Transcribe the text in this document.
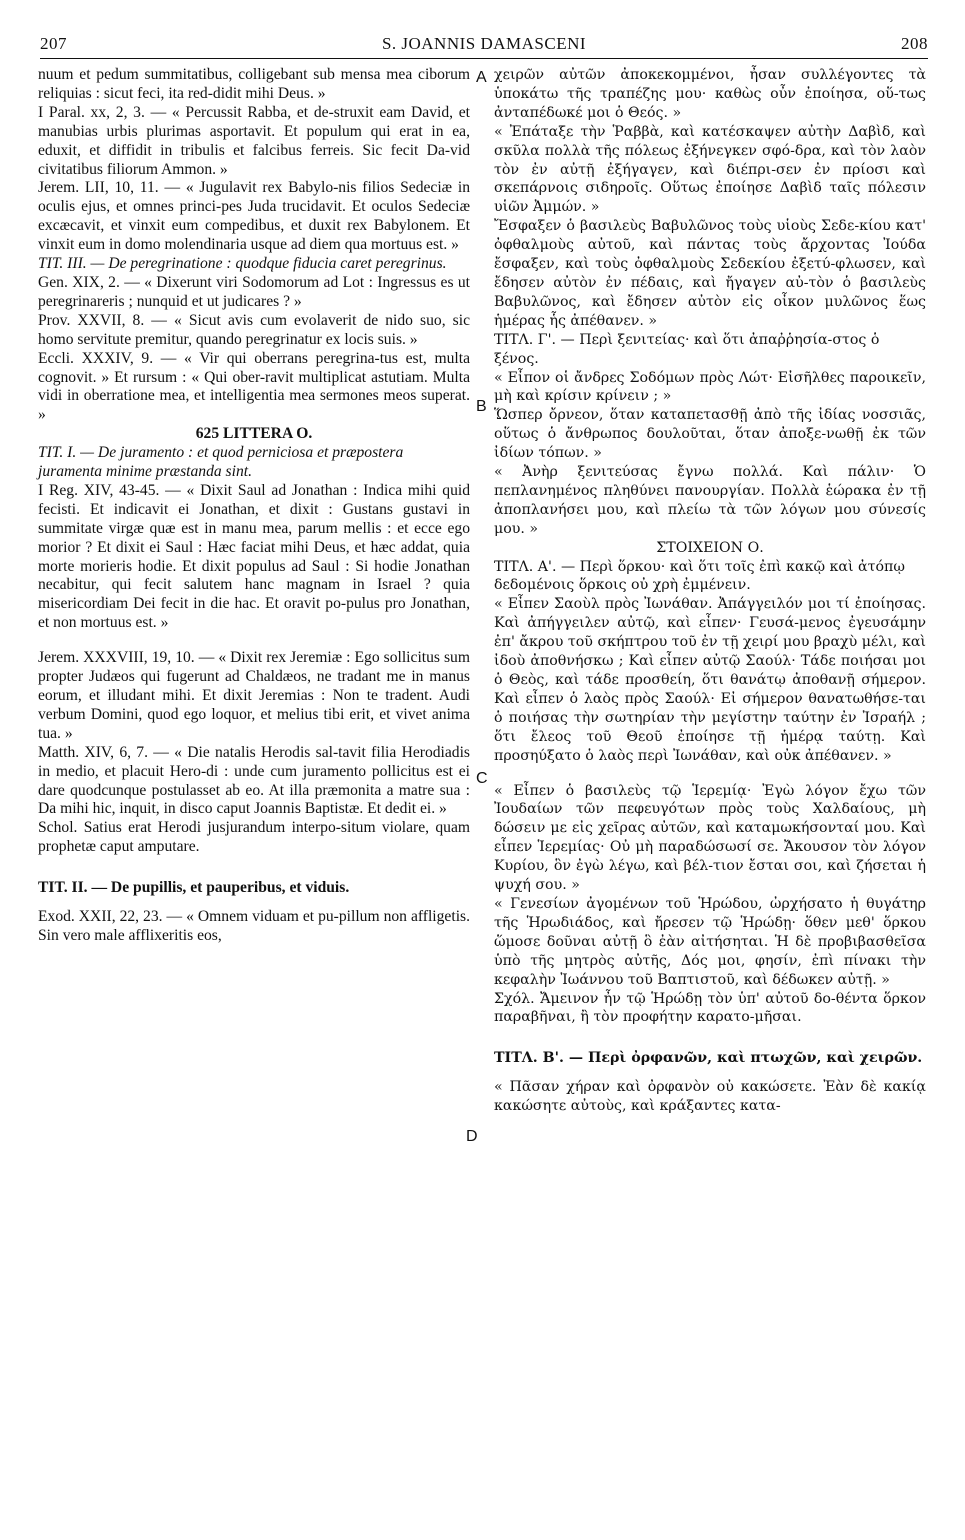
207	S. JOANNIS DAMASCENI	208
A
B
C
D

nuum et pedum summitatibus, colligebant sub mensa mea ciborum reliquias : sicut feci, ita red-didit mihi Deus. »

I Paral. xx, 2, 3. — « Percussit Rabba, et de-struxit eam David, et manubias urbis plurimas asportavit. Et populum qui erat in ea, eduxit, et diffidit in tribulis et falcibus ferreis. Sic fecit Da-vid civitatibus filiorum Ammon. »

Jerem. LII, 10, 11. — « Jugulavit rex Babylo-nis filios Sedeciæ in oculis ejus, et omnes princi-pes Juda trucidavit. Et oculos Sedeciæ excæcavit, et vinxit eum compedibus, et duxit rex Babylonem. Et vinxit eum in domo molendinaria usque ad diem qua mortuus est. »

TIT. III. — De peregrinatione : quodque fiducia caret peregrinus.

Gen. XIX, 2. — « Dixerunt viri Sodomorum ad Lot : Ingressus es ut peregrinareris ; nunquid et ut judicares ? »

Prov. XXVII, 8. — « Sicut avis cum evolaverit de nido suo, sic homo servitute premitur, quando peregrinatur ex locis suis. »

Eccli. XXXIV, 9. — « Vir qui oberrans peregrina-tus est, multa cognovit. » Et rursum : « Qui ober-ravit multiplicat astutiam. Multa vidi in oberratione mea, et intelligentia mea sermones meos superat. »

625 LITTERA O.

TIT. I. — De juramento : et quod perniciosa et præpostera juramenta minime præstanda sint.

I Reg. XIV, 43-45. — « Dixit Saul ad Jonathan : Indica mihi quid fecisti. Et indicavit ei Jonathan, et dixit : Gustans gustavi in summitate virgæ quæ est in manu mea, parum mellis : et ecce ego morior ? Et dixit ei Saul : Hæc faciat mihi Deus, et hæc addat, quia morte morieris hodie. Et dixit populus ad Saul : Si hodie Jonathan necabitur, qui fecit salutem hanc magnam in Israel ? quia misericordiam Dei fecit in die hac. Et oravit po-pulus pro Jonathan, et non mortuus est. »

Jerem. XXXVIII, 19, 10. — « Dixit rex Jeremiæ : Ego sollicitus sum propter Judæos qui fugerunt ad Chaldæos, ne tradant me in manus eorum, et illudant mihi. Et dixit Jeremias : Non te tradent. Audi verbum Domini, quod ego loquor, et melius tibi erit, et vivet anima tua. »

Matth. XIV, 6, 7. — « Die natalis Herodis sal-tavit filia Herodiadis in medio, et placuit Hero-di : unde cum juramento pollicitus est ei dare quodcunque postulasset ab eo. At illa præmonita a matre sua : Da mihi hic, inquit, in disco caput Joannis Baptistæ. Et dedit ei. »

Schol. Satius erat Herodi jusjurandum interpo-situm violare, quam prophetæ caput amputare.

TIT. II. — De pupillis, et pauperibus, et viduis.

Exod. XXII, 22, 23. — « Omnem viduam et pu-pillum non affligetis. Sin vero male afflixeritis eos,

χειρῶν αὐτῶν ἀποκεκομμένοι, ἦσαν συλλέγοντες τὰ ὑποκάτω τῆς τραπέζης μου· καθὼς οὖν ἐποίησα, οὕ-τως ἀνταπέδωκέ μοι ὁ Θεός. »

« Ἐπάταξε τὴν Ῥαββὰ, καὶ κατέσκαψεν αὐτὴν Δαβὶδ, καὶ σκῦλα πολλὰ τῆς πόλεως ἐξήνεγκεν σφό-δρα, καὶ τὸν λαὸν τὸν ἐν αὐτῇ ἐξήγαγεν, καὶ διέπρι-σεν ἐν πρίοσι καὶ σκεπάρνοις σιδηροῖς. Οὕτως ἐποίησε Δαβὶδ ταῖς πόλεσιν υἱῶν Ἀμμών. »

Ἔσφαξεν ὁ βασιλεὺς Βαβυλῶνος τοὺς υἱοὺς Σεδε-κίου κατ' ὀφθαλμοὺς αὐτοῦ, καὶ πάντας τοὺς ἄρχοντας Ἰούδα ἔσφαξεν, καὶ τοὺς ὀφθαλμοὺς Σεδεκίου ἐξετύ-φλωσεν, καὶ ἔδησεν αὐτὸν ἐν πέδαις, καὶ ἤγαγεν αὐ-τὸν ὁ βασιλεὺς Βαβυλῶνος, καὶ ἔδησεν αὐτὸν εἰς οἶκον μυλῶνος ἕως ἡμέρας ἧς ἀπέθανεν. »

ΤΙΤΛ. Γ'. — Περὶ ξενιτείας· καὶ ὅτι ἀπαῤῥησία-στος ὁ ξένος.

« Εἶπον οἱ ἄνδρες Σοδόμων πρὸς Λώτ· Εἰσῆλθες παροικεῖν, μὴ καὶ κρίσιν κρίνειν ; »

Ὥσπερ ὄρνεον, ὅταν καταπετασθῇ ἀπὸ τῆς ἰδίας νοσσιᾶς, οὕτως ὁ ἄνθρωπος δουλοῦται, ὅταν ἀποξε-νωθῇ ἐκ τῶν ἰδίων τόπων. »

« Ἀνὴρ ξενιτεύσας ἔγνω πολλά. Καὶ πάλιν· Ὁ πεπλανημένος πληθύνει πανουργίαν. Πολλὰ ἑώρακα ἐν τῇ ἀποπλανήσει μου, καὶ πλείω τὰ τῶν λόγων μου σύνεσίς μου. »

ΣΤΟΙΧΕΙΟΝ Ο.

ΤΙΤΛ. Α'. — Περὶ ὅρκου· καὶ ὅτι τοῖς ἐπὶ κακῷ καὶ ἀτόπῳ δεδομένοις ὅρκοις οὐ χρὴ ἐμμένειν.

« Εἶπεν Σαοὺλ πρὸς Ἰωνάθαν. Ἀπάγγειλόν μοι τί ἐποίησας. Καὶ ἀπήγγειλεν αὐτῷ, καὶ εἶπεν· Γευσά-μενος ἐγευσάμην ἐπ' ἄκρου τοῦ σκήπτρου τοῦ ἐν τῇ χειρί μου βραχὺ μέλι, καὶ ἰδοὺ ἀποθνήσκω ; Καὶ εἶπεν αὐτῷ Σαούλ· Τάδε ποιήσαι μοι ὁ Θεὸς, καὶ τάδε προσθείη, ὅτι θανάτῳ ἀποθανῇ σήμερον. Καὶ εἶπεν ὁ λαὸς πρὸς Σαούλ· Εἰ σήμερον θανατωθήσε-ται ὁ ποιήσας τὴν σωτηρίαν τὴν μεγίστην ταύτην ἐν Ἰσραήλ ; ὅτι ἔλεος τοῦ Θεοῦ ἐποίησε τῇ ἡμέρᾳ ταύτῃ. Καὶ προσηύξατο ὁ λαὸς περὶ Ἰωνάθαν, καὶ οὐκ ἀπέθανεν. »

« Εἶπεν ὁ βασιλεὺς τῷ Ἱερεμίᾳ· Ἐγὼ λόγον ἔχω τῶν Ἰουδαίων τῶν πεφευγότων πρὸς τοὺς Χαλδαίους, μὴ δώσειν με εἰς χεῖρας αὐτῶν, καὶ καταμωκήσονταί μου. Καὶ εἶπεν Ἱερεμίας· Οὐ μὴ παραδώσωσί σε. Ἄκουσον τὸν λόγον Κυρίου, ὃν ἐγὼ λέγω, καὶ βέλ-τιον ἔσται σοι, καὶ ζήσεται ἡ ψυχή σου. »

« Γενεσίων ἀγομένων τοῦ Ἡρώδου, ὠρχήσατο ἡ θυγάτηρ τῆς Ἡρωδιάδος, καὶ ἤρεσεν τῷ Ἡρώδῃ· ὅθεν μεθ' ὅρκου ὥμοσε δοῦναι αὐτῇ ὃ ἐὰν αἰτήσηται. Ἡ δὲ προβιβασθεῖσα ὑπὸ τῆς μητρὸς αὐτῆς, Δός μοι, φησίν, ἐπὶ πίνακι τὴν κεφαλὴν Ἰωάννου τοῦ Βαπτιστοῦ, καὶ δέδωκεν αὐτῇ. »

Σχόλ. Ἄμεινον ἦν τῷ Ἡρώδῃ τὸν ὑπ' αὐτοῦ δο-θέντα ὅρκον παραβῆναι, ἢ τὸν προφήτην καρατο-μῆσαι.

ΤΙΤΛ. Β'. — Περὶ ὀρφανῶν, καὶ πτωχῶν, καὶ χειρῶν.

« Πᾶσαν χήραν καὶ ὀρφανὸν οὐ κακώσετε. Ἐὰν δὲ κακίᾳ κακώσητε αὐτοὺς, καὶ κράξαντες κατα-
